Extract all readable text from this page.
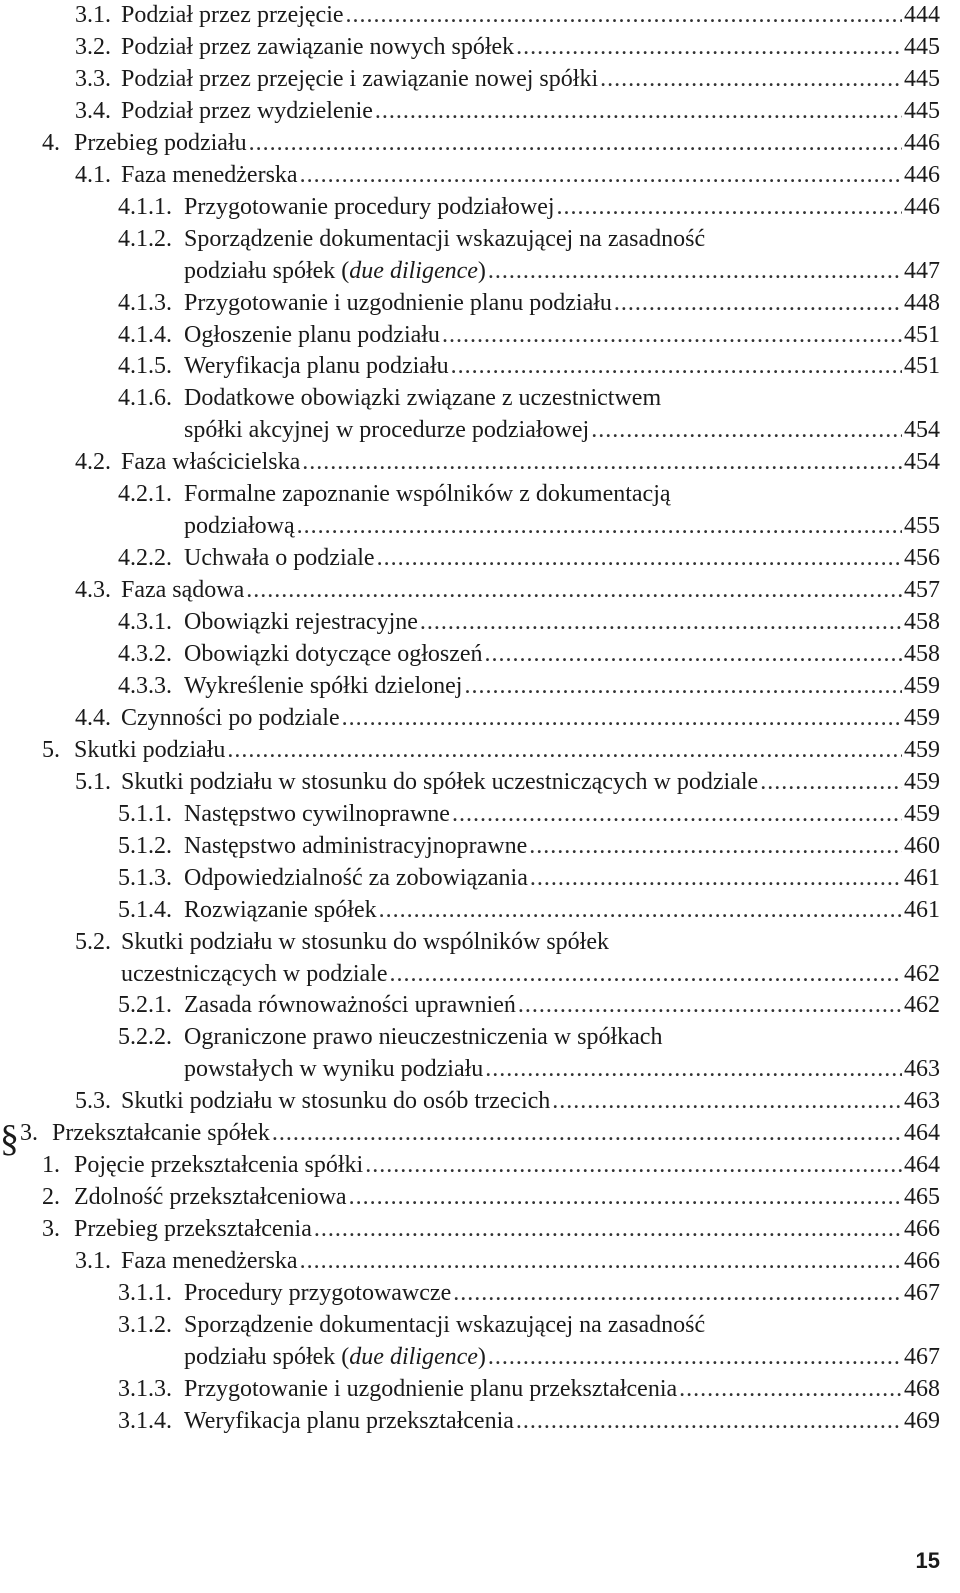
3.1. Podział przez przejęcie .....	444
3.2. Podział przez zawiązanie nowych spółek .....	445
3.3. Podział przez przejęcie i zawiązanie nowej spółki .....	445
3.4. Podział przez wydzielenie .....	445
4. Przebieg podziału .....	446
4.1. Faza menedżerska .....	446
4.1.1. Przygotowanie procedury podziałowej .....	446
4.1.2. Sporządzenie dokumentacji wskazującej na zasadność
podziału spółek ( due diligence ) .....	447
4.1.3. Przygotowanie i uzgodnienie planu podziału .....	448
4.1.4. Ogłoszenie planu podziału .....	451
4.1.5. Weryfikacja planu podziału .....	451
4.1.6. Dodatkowe obowiązki związane z uczestnictwem
spółki akcyjnej w procedurze podziałowej .....	454
4.2. Faza właścicielska .....	454
4.2.1. Formalne zapoznanie wspólników z dokumentacją
podziałową .....	455
4.2.2. Uchwała o podziale .....	456
4.3. Faza sądowa .....	457
4.3.1. Obowiązki rejestracyjne .....	458
4.3.2. Obowiązki dotyczące ogłoszeń .....	458
4.3.3. Wykreślenie spółki dzielonej .....	459
4.4. Czynności po podziale .....	459
5. Skutki podziału .....	459
5.1. Skutki podziału w stosunku do spółek uczestniczących w podziale .....	459
5.1.1. Następstwo cywilnoprawne .....	459
5.1.2. Następstwo administracyjnoprawne .....	460
5.1.3. Odpowiedzialność za zobowiązania .....	461
5.1.4. Rozwiązanie spółek .....	461
5.2. Skutki podziału w stosunku do wspólników spółek
uczestniczących w podziale .....	462
5.2.1. Zasada równoważności uprawnień .....	462
5.2.2. Ograniczone prawo nieuczestniczenia w spółkach
powstałych w wyniku podziału .....	463
5.3. Skutki podziału w stosunku do osób trzecich .....	463
§ 3. Przekształcanie spółek .....	464
1. Pojęcie przekształcenia spółki .....	464
2. Zdolność przekształceniowa .....	465
3. Przebieg przekształcenia .....	466
3.1. Faza menedżerska .....	466
3.1.1. Procedury przygotowawcze .....	467
3.1.2. Sporządzenie dokumentacji wskazującej na zasadność
podziału spółek ( due diligence ) .....	467
3.1.3. Przygotowanie i uzgodnienie planu przekształcenia .....	468
3.1.4. Weryfikacja planu przekształcenia .....	469
15
